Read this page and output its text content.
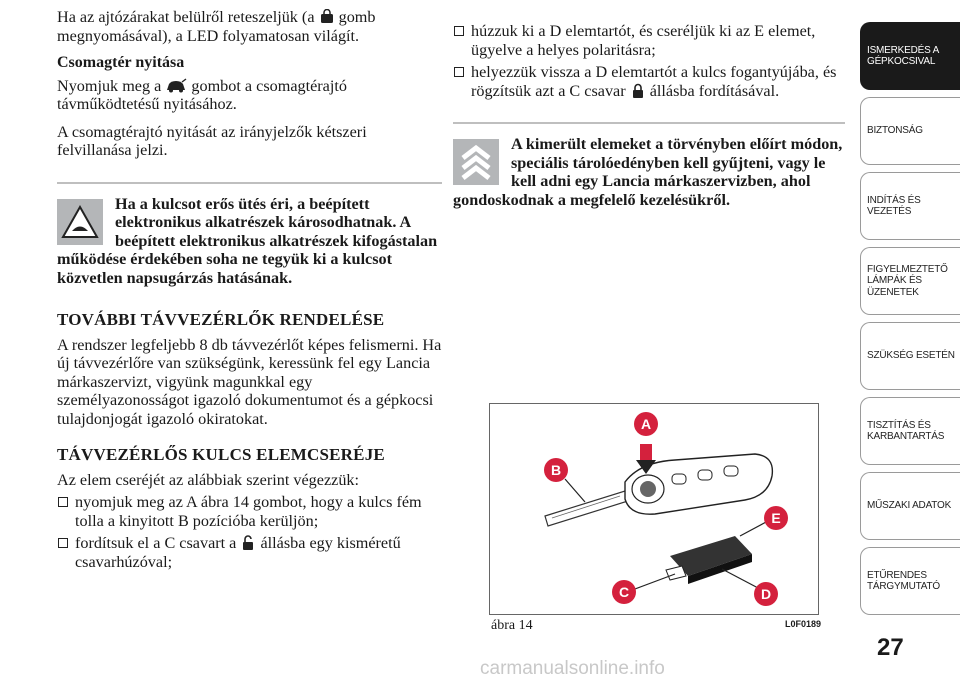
Ha az ajtózárakat belülről reteszeljük (a gomb megnyomásával), a LED folyamatosan világít.

Csomagtér nyitása

Nyomjuk meg a gombot a csomagtérajtó távműködtetésű nyitásához.

A csomagtérajtó nyitását az irányjelzők kétszeri felvillanása jelzi.

Ha a kulcsot erős ütés éri, a beépített elektronikus alkatrészek károsodhatnak. A beépített elektronikus alkatrészek kifogástalan működése érdekében soha ne tegyük ki a kulcsot közvetlen napsugárzás hatásának.
TOVÁBBI TÁVVEZÉRLŐK RENDELÉSE

A rendszer legfeljebb 8 db távvezérlőt képes felismerni. Ha új távvezérlőre van szükségünk, keressünk fel egy Lancia márkaszervizt, vigyünk magunkkal egy személyazonosságot igazoló dokumentumot és a gépkocsi tulajdonjogát igazoló okiratokat.

TÁVVEZÉRLŐS KULCS ELEMCSERÉJE

Az elem cseréjét az alábbiak szerint végezzük:

nyomjuk meg az A ábra 14 gombot, hogy a kulcs fém tolla a kinyitott B pozícióba kerüljön;
fordítsuk el a C csavart a állásba egy kisméretű csavarhúzóval;
húzzuk ki a D elemtartót, és cseréljük ki az E elemet, ügyelve a helyes polaritásra;
helyezzük vissza a D elemtartót a kulcs fogantyújába, és rögzítsük azt a C csavar állásba fordításával.
A kimerült elemeket a törvényben előírt módon, speciális tárolóedényben kell gyűjteni, vagy le kell adni egy Lancia márkaszervizben, ahol gondoskodnak a megfelelő kezelésükről.
A
B
E
C	D
ábra 14	L0F0189
ISMERKEDÉS A GÉPKOCSIVAL
BIZTONSÁG
INDÍTÁS ÉS VEZETÉS
FIGYELMEZTETŐ LÁMPÁK ÉS ÜZENETEK
SZÜKSÉG ESETÉN
TISZTÍTÁS ÉS KARBANTARTÁS
MŰSZAKI ADATOK
ETŰRENDES TÁRGYMUTATÓ
27
carmanualsonline.info
